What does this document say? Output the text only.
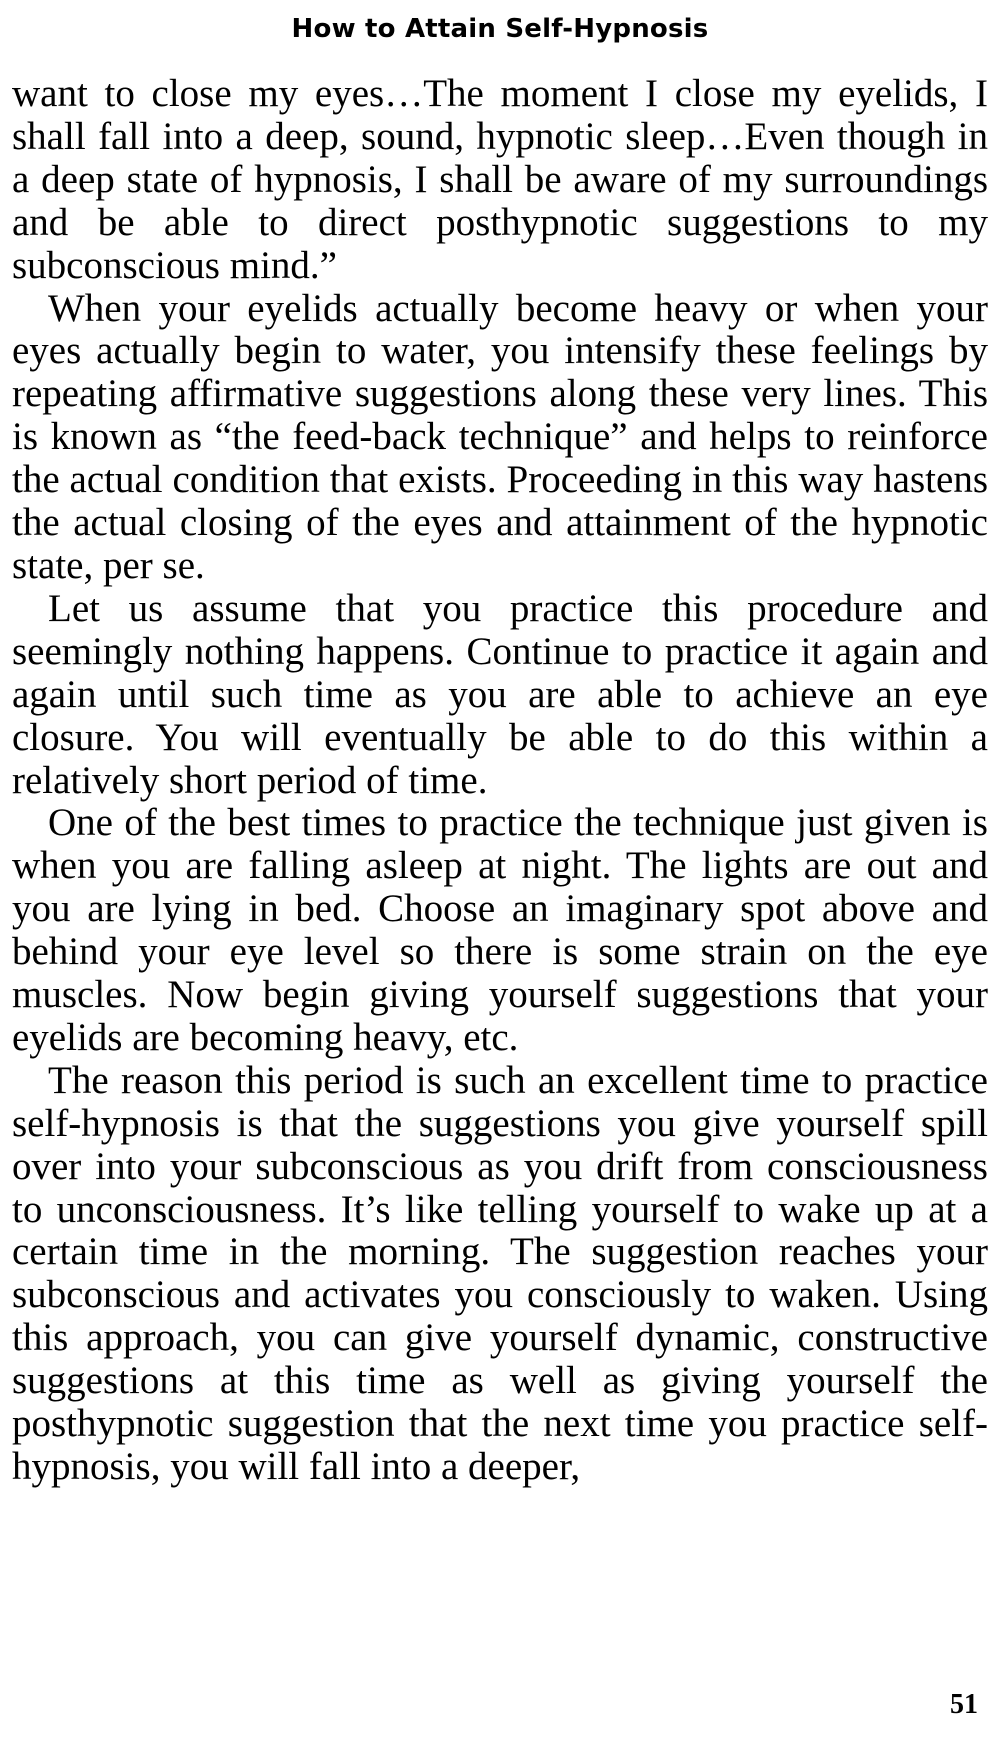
How to Attain Self-Hypnosis

want to close my eyes…The moment I close my eyelids, I shall fall into a deep, sound, hypnotic sleep…Even though in a deep state of hypnosis, I shall be aware of my surroundings and be able to direct posthypnotic suggestions to my subconscious mind.”

When your eyelids actually become heavy or when your eyes actually begin to water, you intensify these feelings by repeating affirmative suggestions along these very lines. This is known as “the feed-back technique” and helps to reinforce the actual condition that exists. Proceeding in this way hastens the actual closing of the eyes and attainment of the hypnotic state, per se.

Let us assume that you practice this procedure and seemingly nothing happens. Continue to practice it again and again until such time as you are able to achieve an eye closure. You will eventually be able to do this within a relatively short period of time.

One of the best times to practice the technique just given is when you are falling asleep at night. The lights are out and you are lying in bed. Choose an imaginary spot above and behind your eye level so there is some strain on the eye muscles. Now begin giving yourself suggestions that your eyelids are becoming heavy, etc.

The reason this period is such an excellent time to practice self-hypnosis is that the suggestions you give yourself spill over into your subconscious as you drift from consciousness to unconsciousness. It’s like telling yourself to wake up at a certain time in the morning. The suggestion reaches your subconscious and activates you consciously to waken. Using this approach, you can give yourself dynamic, constructive suggestions at this time as well as giving yourself the posthypnotic suggestion that the next time you practice self-hypnosis, you will fall into a deeper,

51
